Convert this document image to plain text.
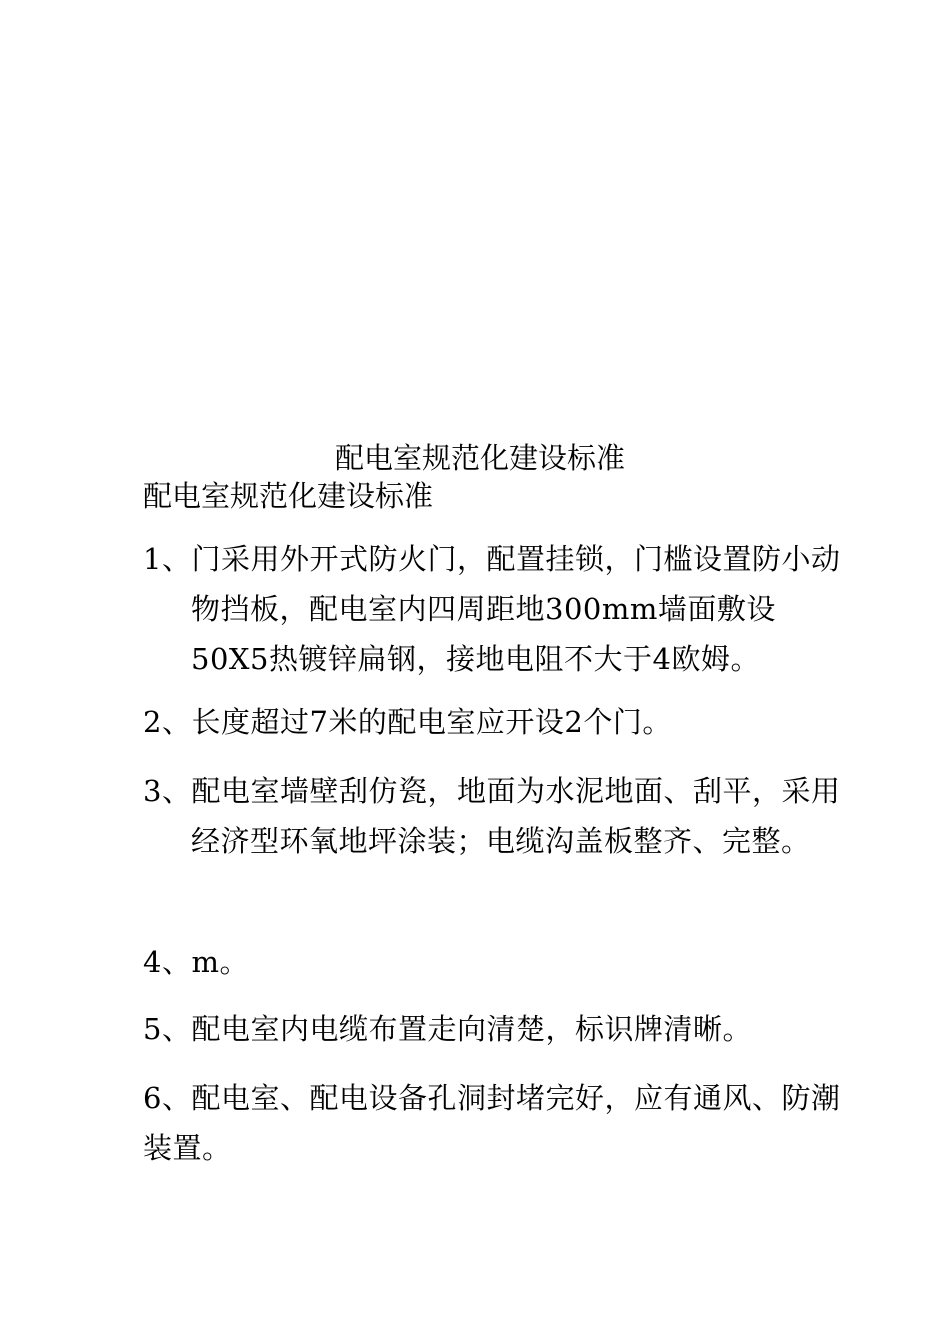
配电室规范化建设标准
配电室规范化建设标准
1、门采用外开式防火门，配置挂锁，门槛设置防小动物挡板，配电室内四周距地300mm墙面敷设50X5热镀锌扁钢，接地电阻不大于4欧姆。
2、长度超过7米的配电室应开设2个门。
3、配电室墙壁刮仿瓷，地面为水泥地面、刮平，采用经济型环氧地坪涂装；电缆沟盖板整齐、完整。
4、m。
5、配电室内电缆布置走向清楚，标识牌清晰。
6、配电室、配电设备孔洞封堵完好，应有通风、防潮装置。
